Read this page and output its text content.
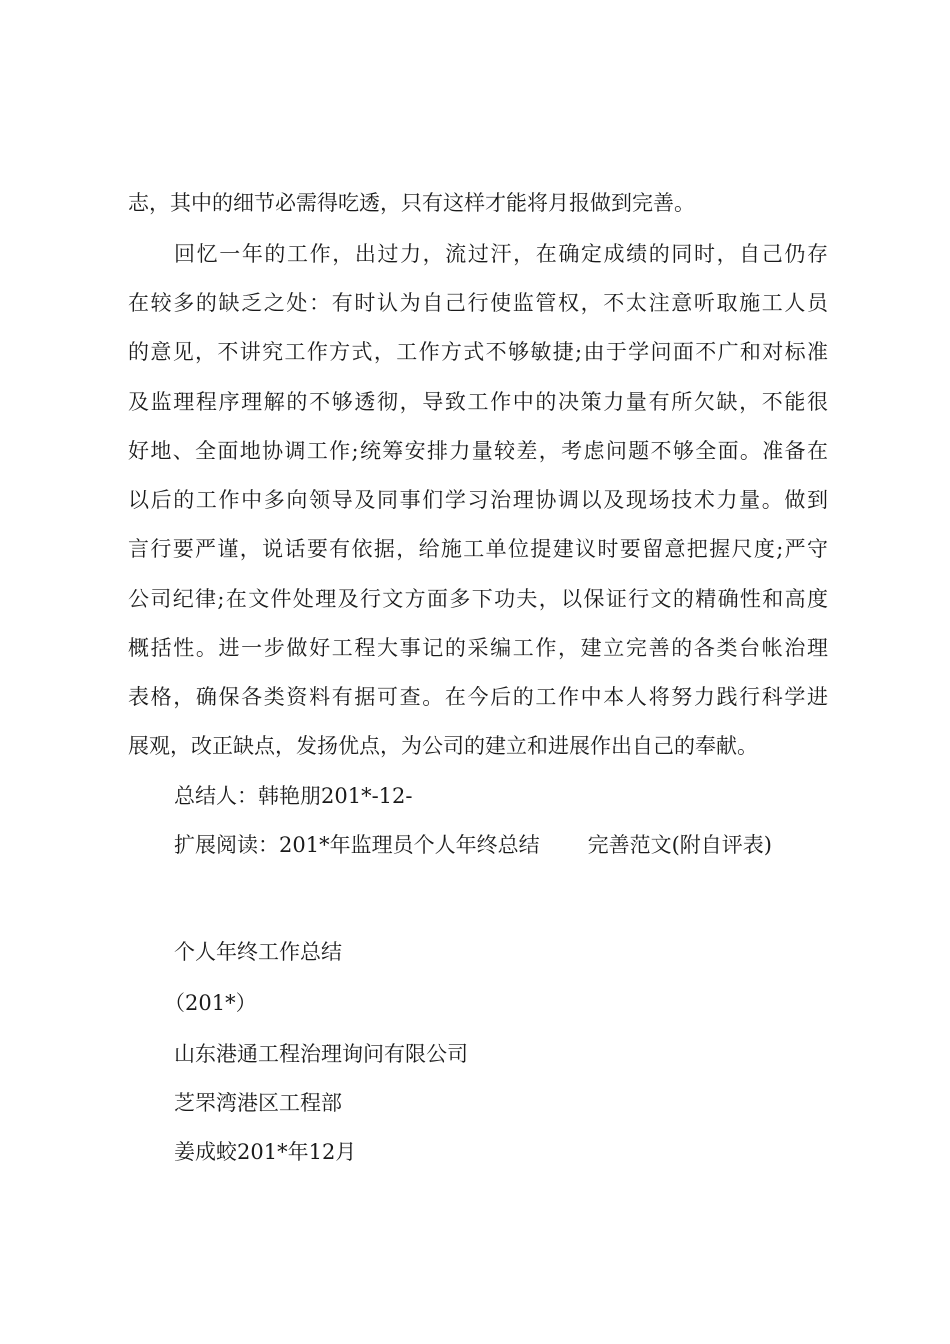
志，其中的细节必需得吃透，只有这样才能将月报做到完善。
回忆一年的工作，出过力，流过汗，在确定成绩的同时，自己仍存
在较多的缺乏之处：有时认为自己行使监管权，不太注意听取施工人员
的意见，不讲究工作方式，工作方式不够敏捷;由于学问面不广和对标准
及监理程序理解的不够透彻，导致工作中的决策力量有所欠缺，不能很
好地、全面地协调工作;统筹安排力量较差，考虑问题不够全面。准备在
以后的工作中多向领导及同事们学习治理协调以及现场技术力量。做到
言行要严谨，说话要有依据，给施工单位提建议时要留意把握尺度;严守
公司纪律;在文件处理及行文方面多下功夫，以保证行文的精确性和高度
概括性。进一步做好工程大事记的采编工作，建立完善的各类台帐治理
表格，确保各类资料有据可查。在今后的工作中本人将努力践行科学进
展观，改正缺点，发扬优点，为公司的建立和进展作出自己的奉献。
总结人：韩艳朋201*-12-
扩展阅读：201*年监理员个人年终总结 完善范文(附自评表)
个人年终工作总结
（201*）
山东港通工程治理询问有限公司
芝罘湾港区工程部
姜成蛟201*年12月
